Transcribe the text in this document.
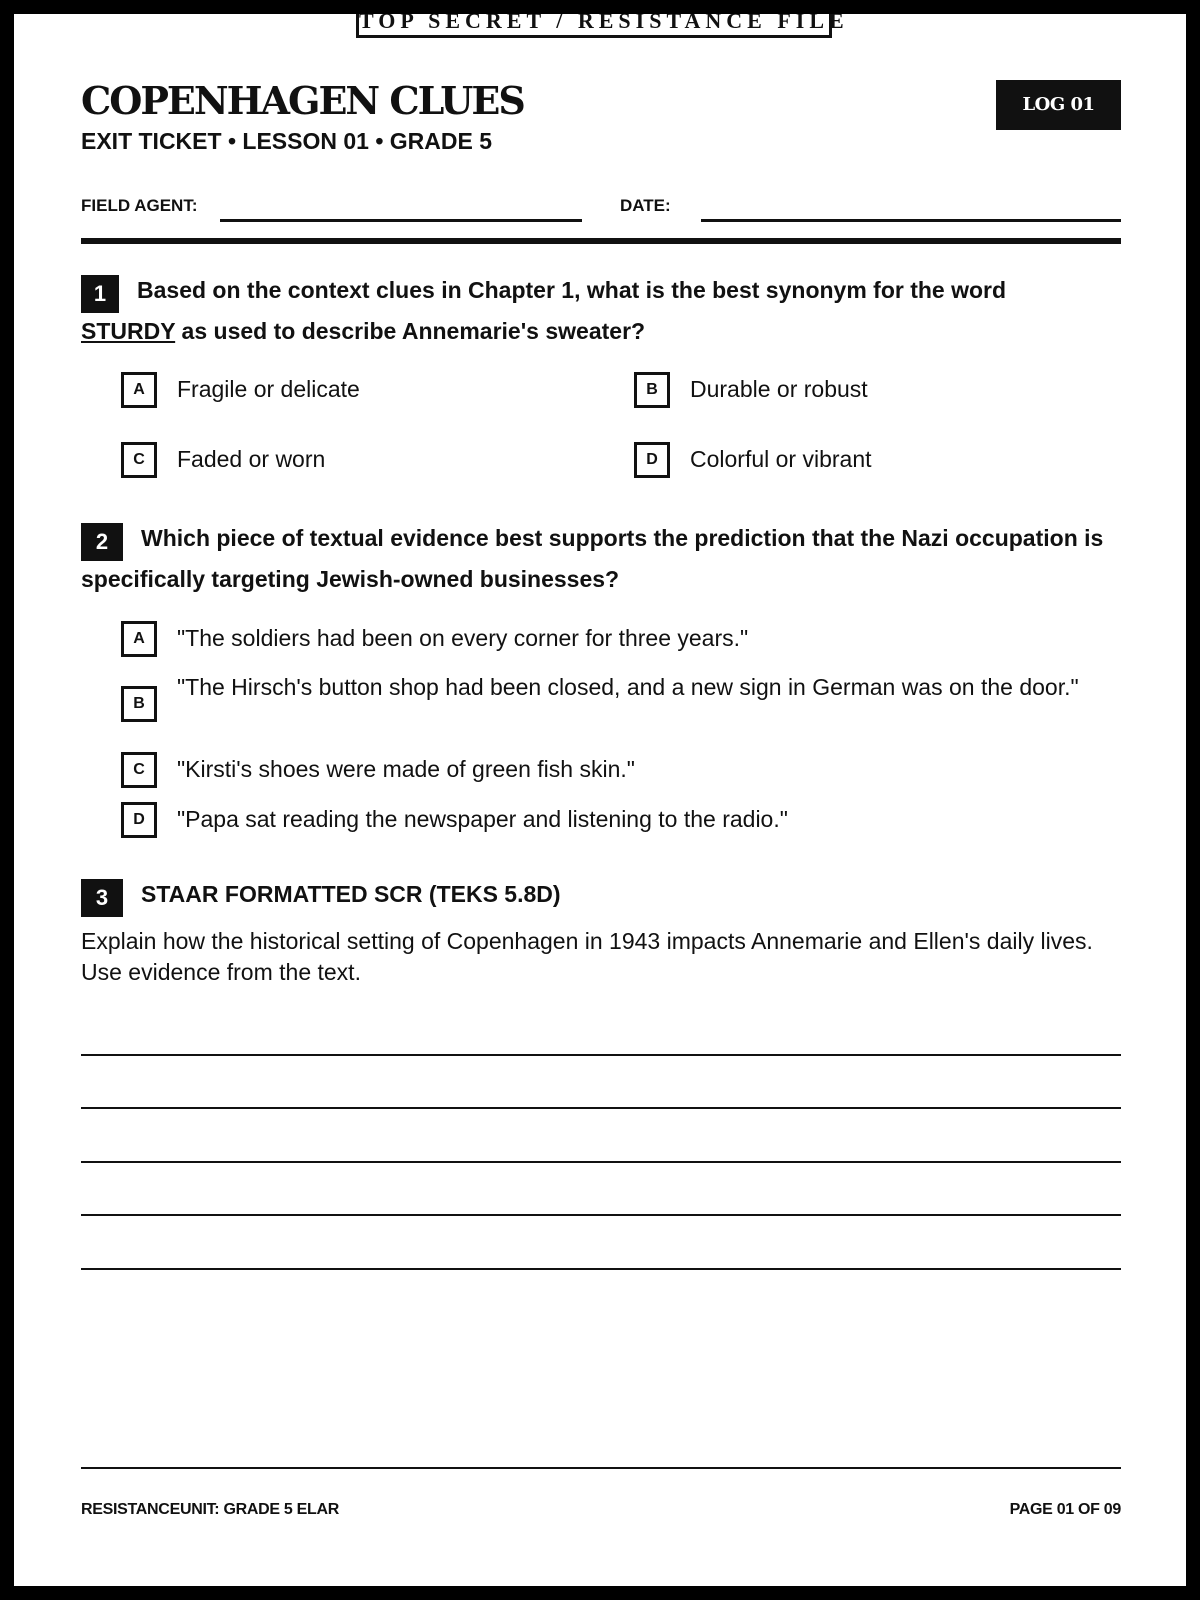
TOP SECRET / RESISTANCE FILE
COPENHAGEN CLUES
EXIT TICKET • LESSON 01 • GRADE 5
LOG 01
FIELD AGENT:	DATE:
1 Based on the context clues in Chapter 1, what is the best synonym for the word
STURDY as used to describe Annemarie's sweater?
A	Fragile or delicate	B	Durable or robust
C	Faded or worn	D	Colorful or vibrant
2 Which piece of textual evidence best supports the prediction that the Nazi occupation is specifically targeting Jewish-owned businesses?
A	"The soldiers had been on every corner for three years."
B
"The Hirsch's button shop had been closed, and a new sign in German was on the door."
C	"Kirsti's shoes were made of green fish skin."
D	"Papa sat reading the newspaper and listening to the radio."
3 STAAR FORMATTED SCR (TEKS 5.8D)
Explain how the historical setting of Copenhagen in 1943 impacts Annemarie and Ellen's daily lives. Use evidence from the text.
RESISTANCEUNIT: GRADE 5 ELAR	PAGE 01 OF 09
